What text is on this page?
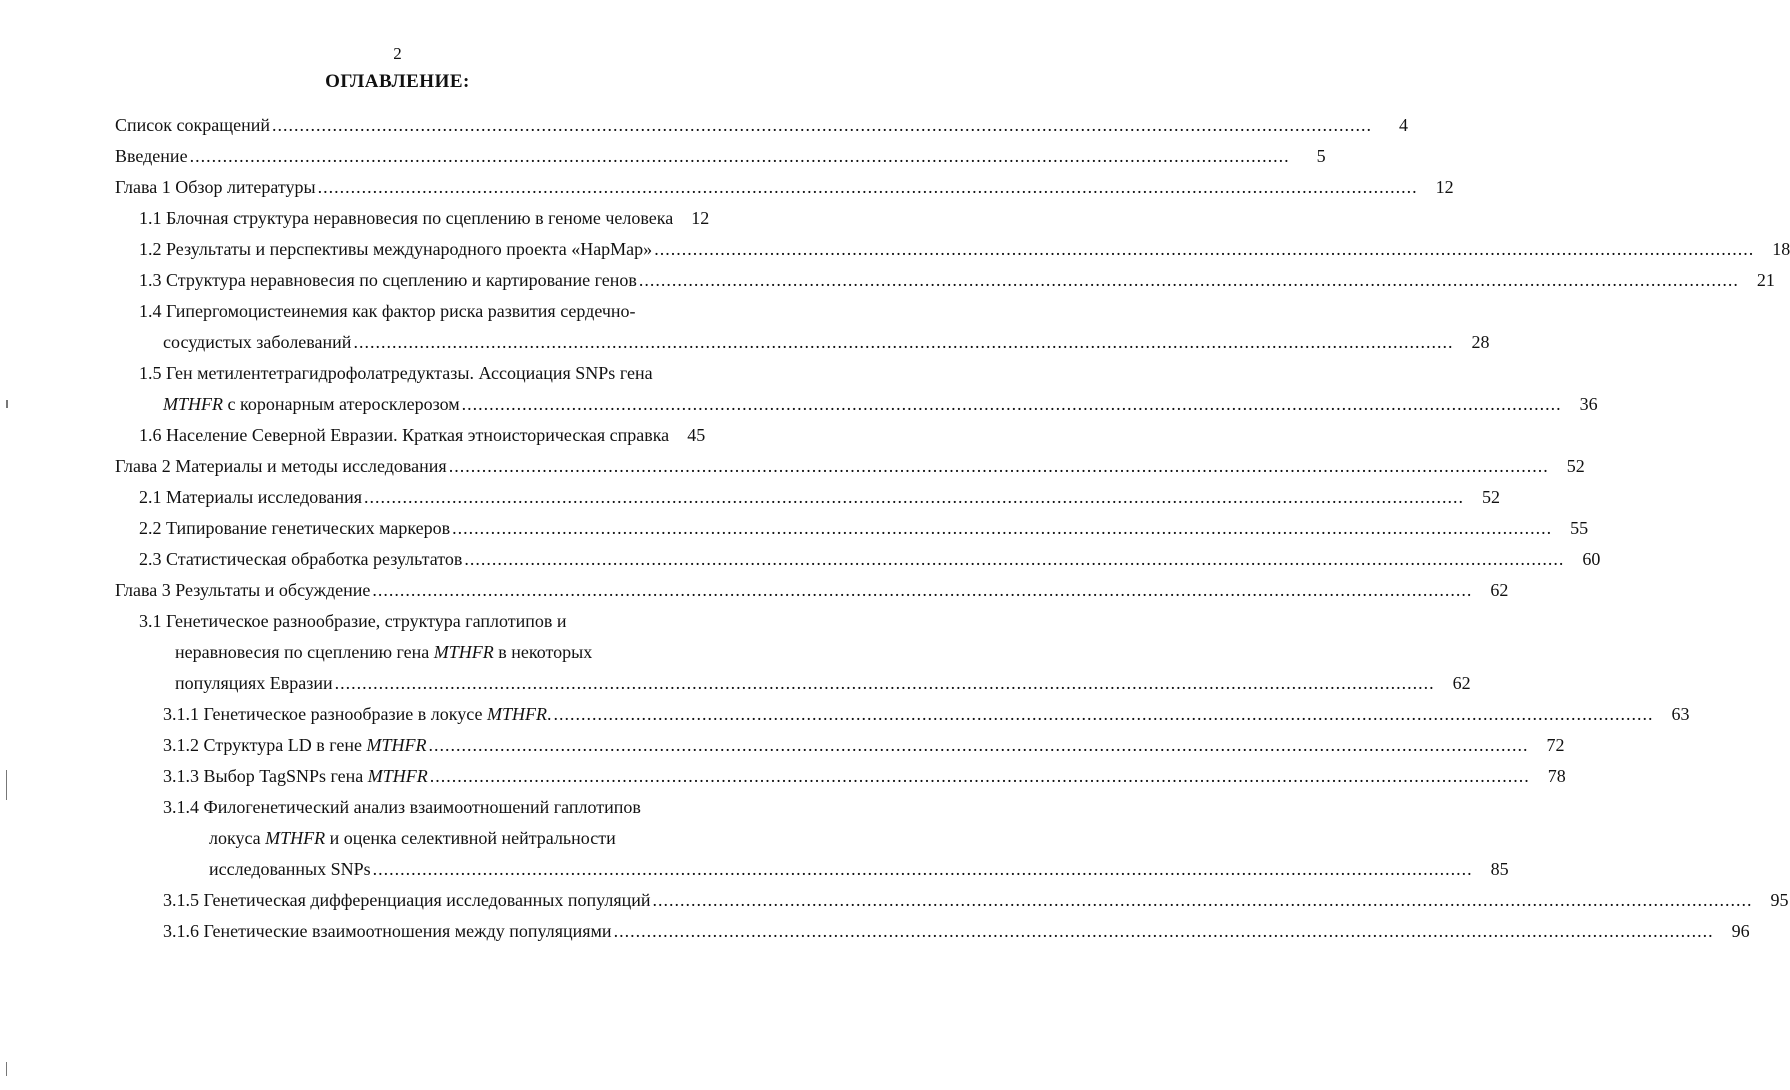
2
ОГЛАВЛЕНИЕ:
Список сокращений .....	4
Введение .....	5
Глава 1 Обзор литературы .....	12
1.1 Блочная структура неравновесия по сцеплению в геноме человека	12
1.2 Результаты и перспективы международного проекта «НарМар» .....	18
1.3 Структура неравновесия по сцеплению и картирование генов .....	21
1.4 Гипергомоцистеинемия как фактор риска развития сердечно-
сосудистых заболеваний .....	28
1.5 Ген метилентетрагидрофолатредуктазы. Ассоциация SNPs гена
MTHFR с коронарным атеросклерозом .....	36
1.6 Население Северной Евразии. Краткая этноисторическая справка	45
Глава 2 Материалы и методы исследования .....	52
2.1 Материалы исследования .....	52
2.2 Типирование генетических маркеров .....	55
2.3 Статистическая обработка результатов .....	60
Глава 3 Результаты и обсуждение .....	62
3.1 Генетическое разнообразие, структура гаплотипов и
неравновесия по сцеплению гена MTHFR в некоторых
популяциях Евразии .....	62
3.1.1 Генетическое разнообразие в локусе MTHFR. .....	63
3.1.2 Структура LD в гене MTHFR .....	72
3.1.3 Выбор TagSNPs гена MTHFR .....	78
3.1.4 Филогенетический анализ взаимоотношений гаплотипов
локуса MTHFR и оценка селективной нейтральности
исследованных SNPs .....	85
3.1.5 Генетическая дифференциация исследованных популяций .....	95
3.1.6 Генетические взаимоотношения между популяциями .....	96
